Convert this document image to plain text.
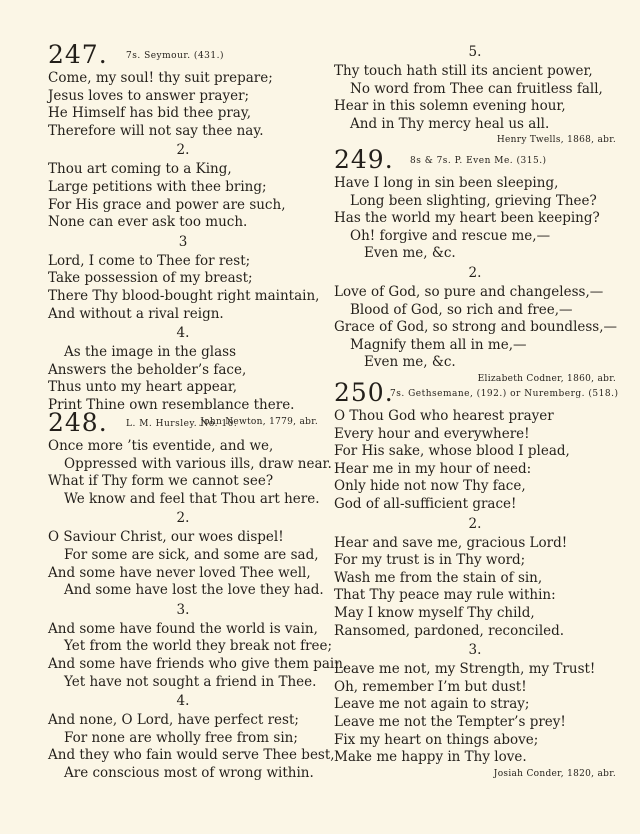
247. 7s. Seymour. (431.)
Come, my soul! thy suit prepare;
Jesus loves to answer prayer;
He Himself has bid thee pray,
Therefore will not say thee nay.
2.
Thou art coming to a King,
Large petitions with thee bring;
For His grace and power are such,
None can ever ask too much.
3
Lord, I come to Thee for rest;
Take possession of my breast;
There Thy blood-bought right maintain,
And without a rival reign.
4.
As the image in the glass
Answers the beholder’s face,
Thus unto my heart appear,
Print Thine own resemblance there.
John Newton, 1779, abr.
248. L. M. Hursley. No. 10.
Once more ’tis eventide, and we,
Oppressed with various ills, draw near.
What if Thy form we cannot see?
We know and feel that Thou art here.
2.
O Saviour Christ, our woes dispel!
For some are sick, and some are sad,
And some have never loved Thee well,
And some have lost the love they had.
3.
And some have found the world is vain,
Yet from the world they break not free;
And some have friends who give them pain,
Yet have not sought a friend in Thee.
4.
And none, O Lord, have perfect rest;
For none are wholly free from sin;
And they who fain would serve Thee best,
Are conscious most of wrong within.
5.
Thy touch hath still its ancient power,
No word from Thee can fruitless fall,
Hear in this solemn evening hour,
And in Thy mercy heal us all.
Henry Twells, 1868, abr.
249. 8s & 7s. P. Even Me. (315.)
Have I long in sin been sleeping,
Long been slighting, grieving Thee?
Has the world my heart been keeping?
Oh! forgive and rescue me,—
Even me, &c.
2.
Love of God, so pure and changeless,—
Blood of God, so rich and free,—
Grace of God, so strong and boundless,—
Magnify them all in me,—
Even me, &c.
Elizabeth Codner, 1860, abr.
250.
7s. Gethsemane, (192.) or Nuremberg. (518.)
O Thou God who hearest prayer
Every hour and everywhere!
For His sake, whose blood I plead,
Hear me in my hour of need:
Only hide not now Thy face,
God of all-sufficient grace!
2.
Hear and save me, gracious Lord!
For my trust is in Thy word;
Wash me from the stain of sin,
That Thy peace may rule within:
May I know myself Thy child,
Ransomed, pardoned, reconciled.
3.
Leave me not, my Strength, my Trust!
Oh, remember I’m but dust!
Leave me not again to stray;
Leave me not the Tempter’s prey!
Fix my heart on things above;
Make me happy in Thy love.
Josiah Conder, 1820, abr.
